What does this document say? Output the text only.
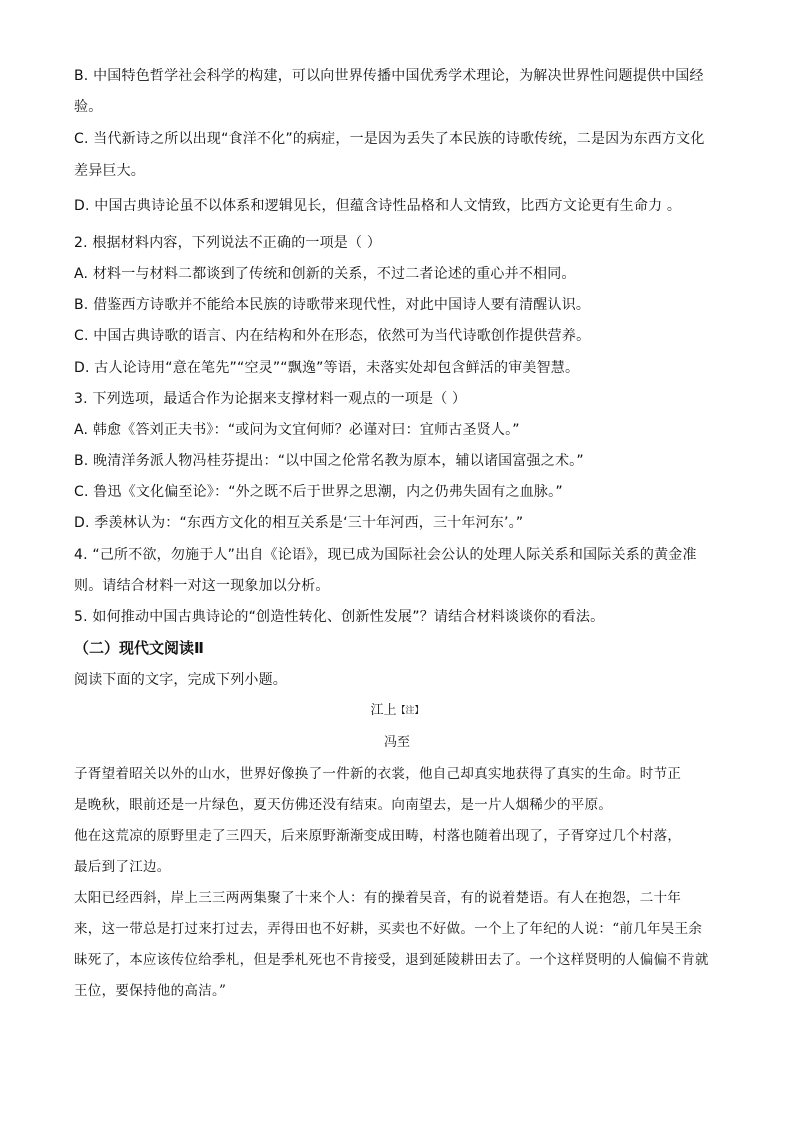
B. 中国特色哲学社会科学的构建，可以向世界传播中国优秀学术理论，为解决世界性问题提供中国经
验。
C. 当代新诗之所以出现“食洋不化”的病症，一是因为丢失了本民族的诗歌传统，二是因为东西方文化
差异巨大。
D. 中国古典诗论虽不以体系和逻辑见长，但蕴含诗性品格和人文情致，比西方文论更有生命力 。
2. 根据材料内容，下列说法不正确的一项是（ ）
A. 材料一与材料二都谈到了传统和创新的关系，不过二者论述的重心并不相同。
B. 借鉴西方诗歌并不能给本民族的诗歌带来现代性，对此中国诗人要有清醒认识。
C. 中国古典诗歌的语言、内在结构和外在形态，依然可为当代诗歌创作提供营养。
D. 古人论诗用“意在笔先”“空灵”“飘逸”等语，未落实处却包含鲜活的审美智慧。
3. 下列选项，最适合作为论据来支撑材料一观点的一项是（ ）
A. 韩愈《答刘正夫书》：“或问为文宜何师？必谨对曰：宜师古圣贤人。”
B. 晚清洋务派人物冯桂芬提出：“以中国之伦常名教为原本，辅以诸国富强之术。”
C. 鲁迅《文化偏至论》：“外之既不后于世界之思潮，内之仍弗失固有之血脉。”
D. 季羡林认为：“东西方文化的相互关系是‘三十年河西，三十年河东’。”
4. “己所不欲，勿施于人”出自《论语》，现已成为国际社会公认的处理人际关系和国际关系的黄金准
则。请结合材料一对这一现象加以分析。
5. 如何推动中国古典诗论的“创造性转化、创新性发展”？请结合材料谈谈你的看法。
（二）现代文阅读Ⅱ
阅读下面的文字，完成下列小题。
江上$^{【注】}$
冯至
子胥望着昭关以外的山水，世界好像换了一件新的衣裳，他自己却真实地获得了真实的生命。时节正
是晚秋，眼前还是一片绿色，夏天仿佛还没有结束。向南望去，是一片人烟稀少的平原。
他在这荒凉的原野里走了三四天，后来原野渐渐变成田畴，村落也随着出现了，子胥穿过几个村落，
最后到了江边。
太阳已经西斜，岸上三三两两集聚了十来个人：有的操着吴音，有的说着楚语。有人在抱怨，二十年
来，这一带总是打过来打过去，弄得田也不好耕，买卖也不好做。一个上了年纪的人说：“前几年吴王余
昧死了，本应该传位给季札，但是季札死也不肯接受，退到延陵耕田去了。一个这样贤明的人偏偏不肯就
王位，要保持他的高洁。”
